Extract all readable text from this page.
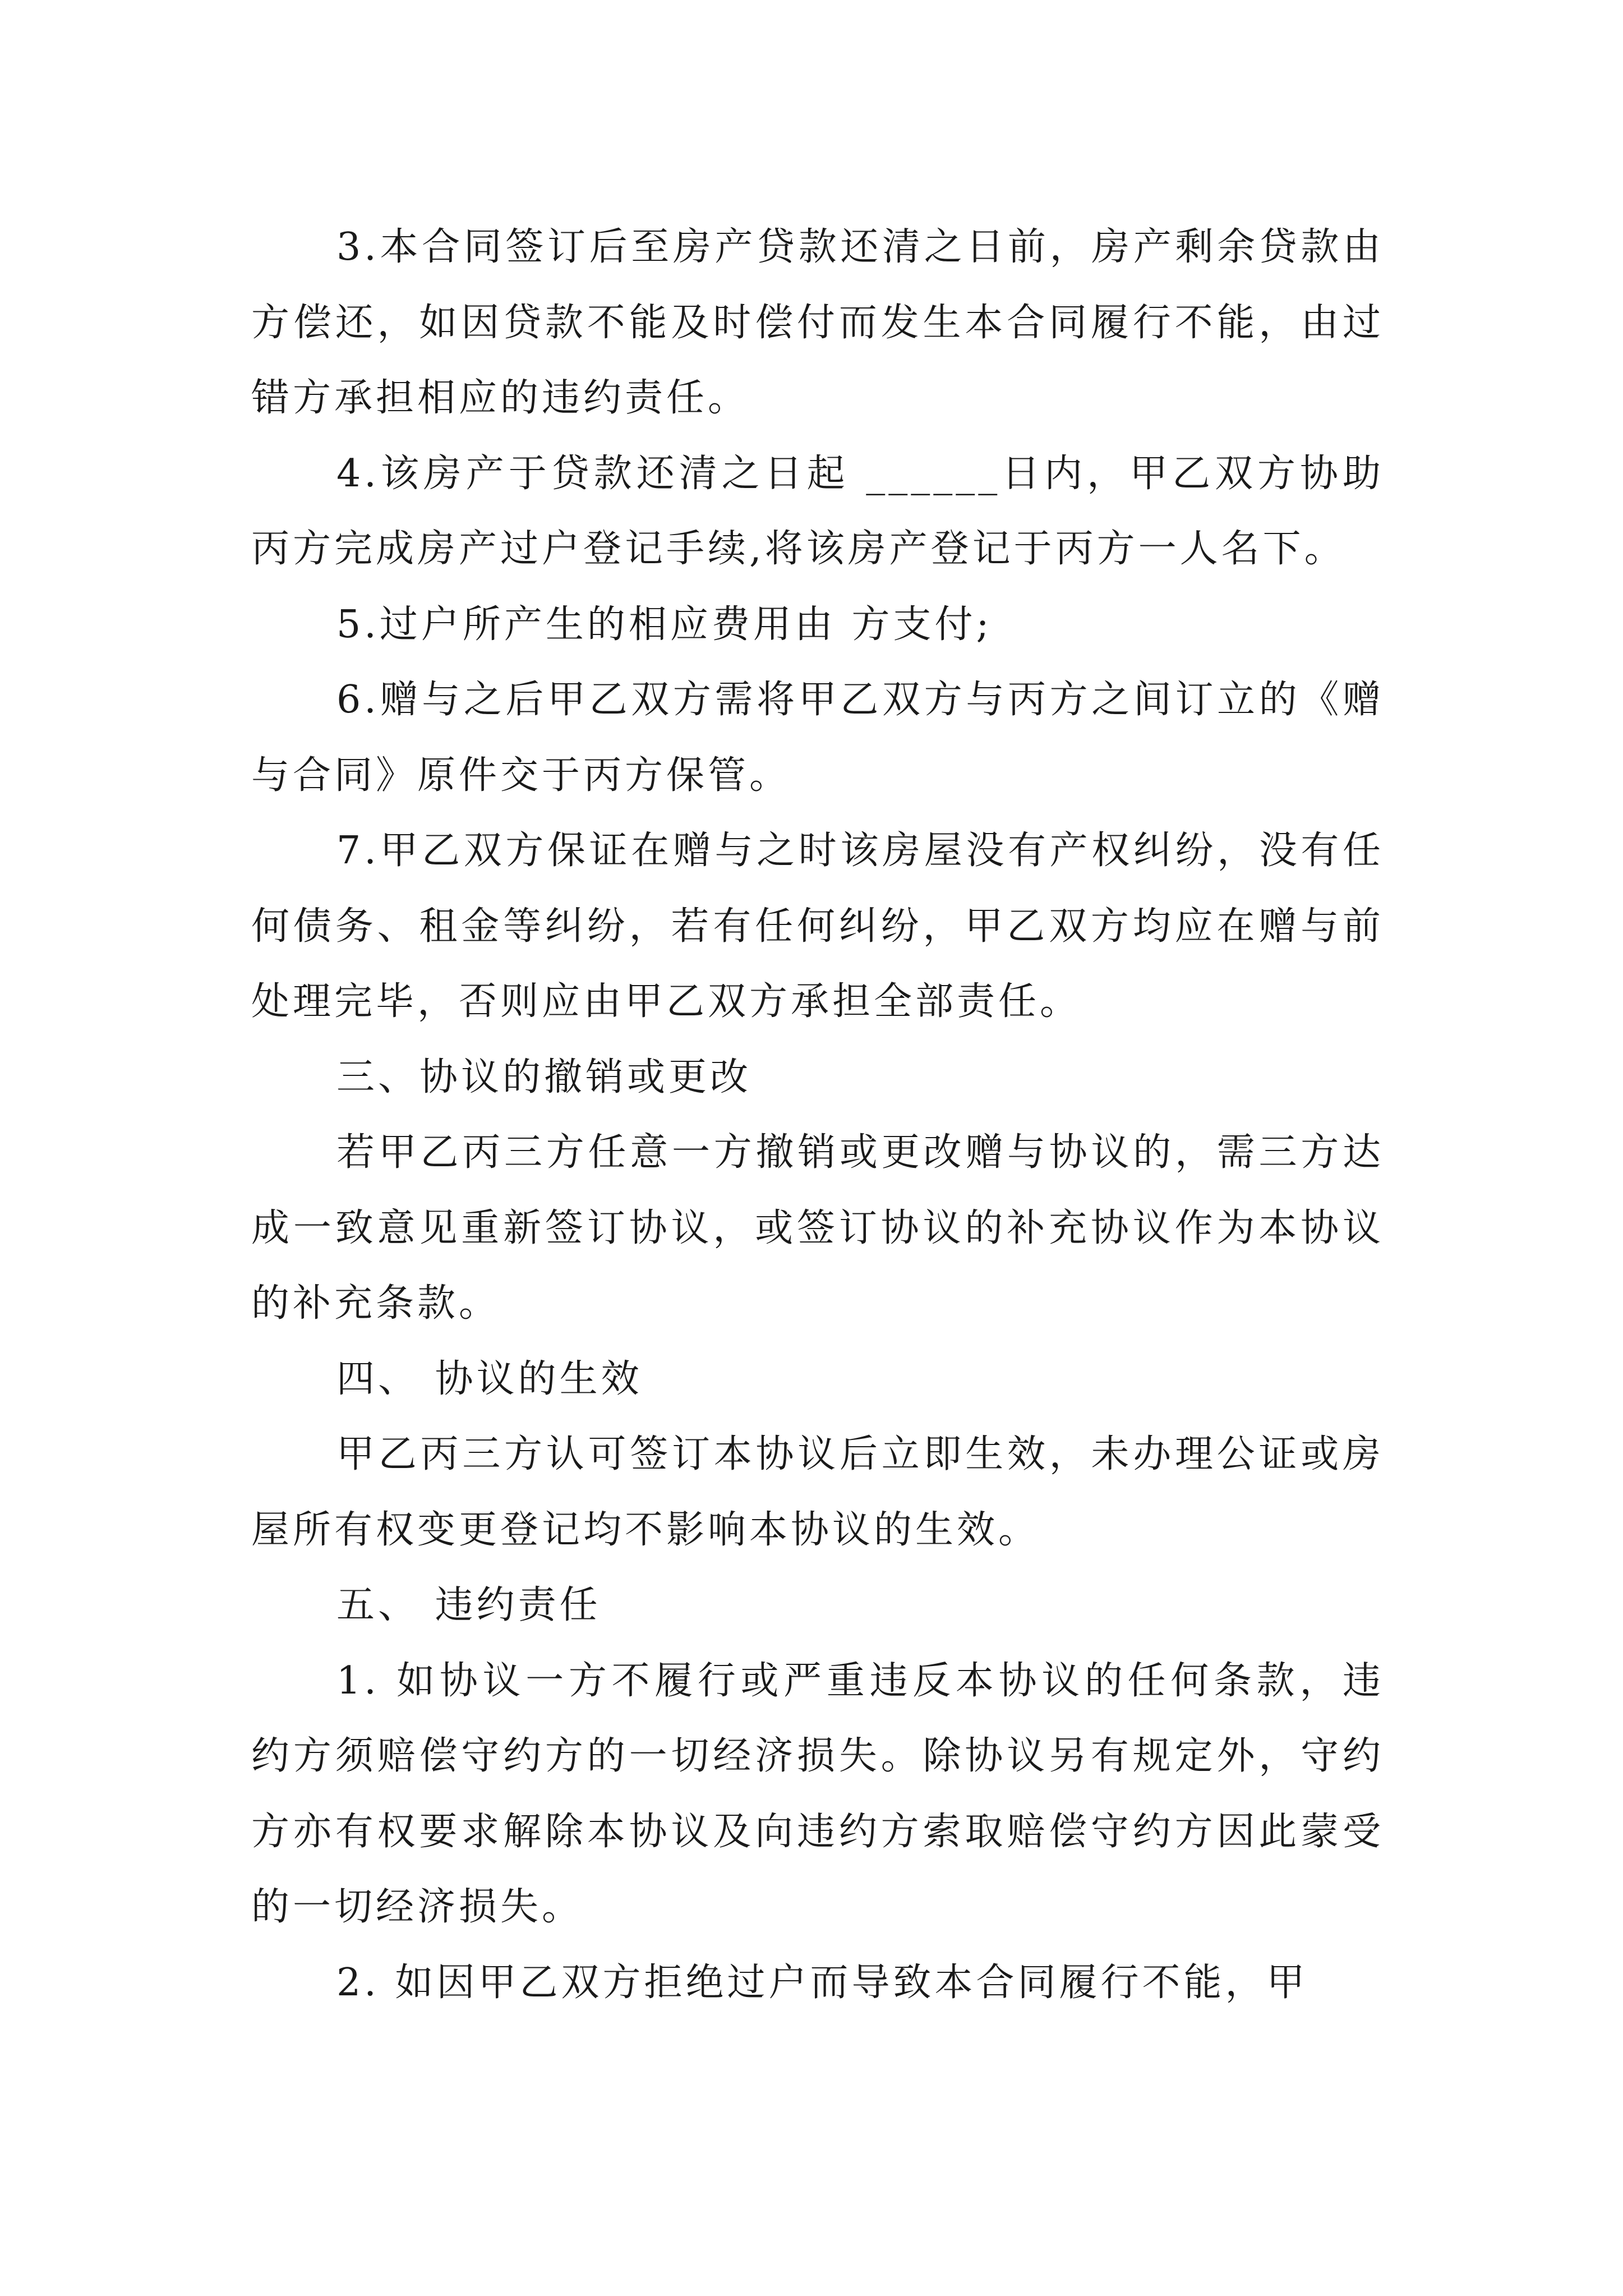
3.本合同签订后至房产贷款还清之日前，房产剩余贷款由 方偿还，如因贷款不能及时偿付而发生本合同履行不能，由过错方承担相应的违约责任。

4.该房产于贷款还清之日起 ______日内，甲乙双方协助丙方完成房产过户登记手续,将该房产登记于丙方一人名下。

5.过户所产生的相应费用由 方支付;

6.赠与之后甲乙双方需将甲乙双方与丙方之间订立的《赠与合同》原件交于丙方保管。

7.甲乙双方保证在赠与之时该房屋没有产权纠纷，没有任何债务、租金等纠纷，若有任何纠纷，甲乙双方均应在赠与前处理完毕，否则应由甲乙双方承担全部责任。

三、协议的撤销或更改

若甲乙丙三方任意一方撤销或更改赠与协议的，需三方达成一致意见重新签订协议，或签订协议的补充协议作为本协议的补充条款。

四、 协议的生效

甲乙丙三方认可签订本协议后立即生效，未办理公证或房屋所有权变更登记均不影响本协议的生效。

五、 违约责任

1. 如协议一方不履行或严重违反本协议的任何条款，违约方须赔偿守约方的一切经济损失。除协议另有规定外，守约方亦有权要求解除本协议及向违约方索取赔偿守约方因此蒙受的一切经济损失。

2. 如因甲乙双方拒绝过户而导致本合同履行不能，甲
